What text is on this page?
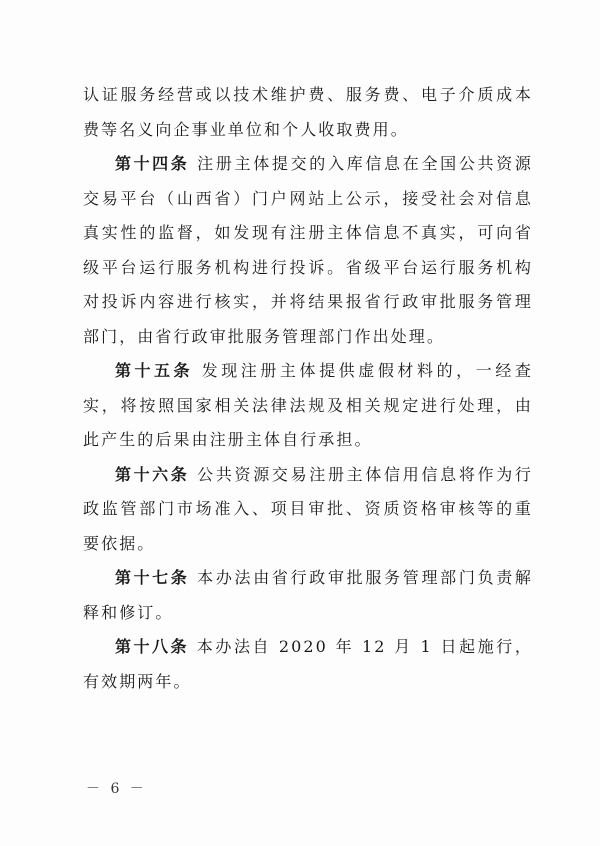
认证服务经营或以技术维护费、服务费、电子介质成本费等名义向企事业单位和个人收取费用。

第十四条 注册主体提交的入库信息在全国公共资源交易平台（山西省）门户网站上公示，接受社会对信息真实性的监督，如发现有注册主体信息不真实，可向省级平台运行服务机构进行投诉。省级平台运行服务机构对投诉内容进行核实，并将结果报省行政审批服务管理部门，由省行政审批服务管理部门作出处理。

第十五条 发现注册主体提供虚假材料的，一经查实，将按照国家相关法律法规及相关规定进行处理，由此产生的后果由注册主体自行承担。

第十六条 公共资源交易注册主体信用信息将作为行政监管部门市场准入、项目审批、资质资格审核等的重要依据。

第十七条 本办法由省行政审批服务管理部门负责解释和修订。

第十八条 本办法自 2020 年 12 月 1 日起施行，有效期两年。

－ 6 －
